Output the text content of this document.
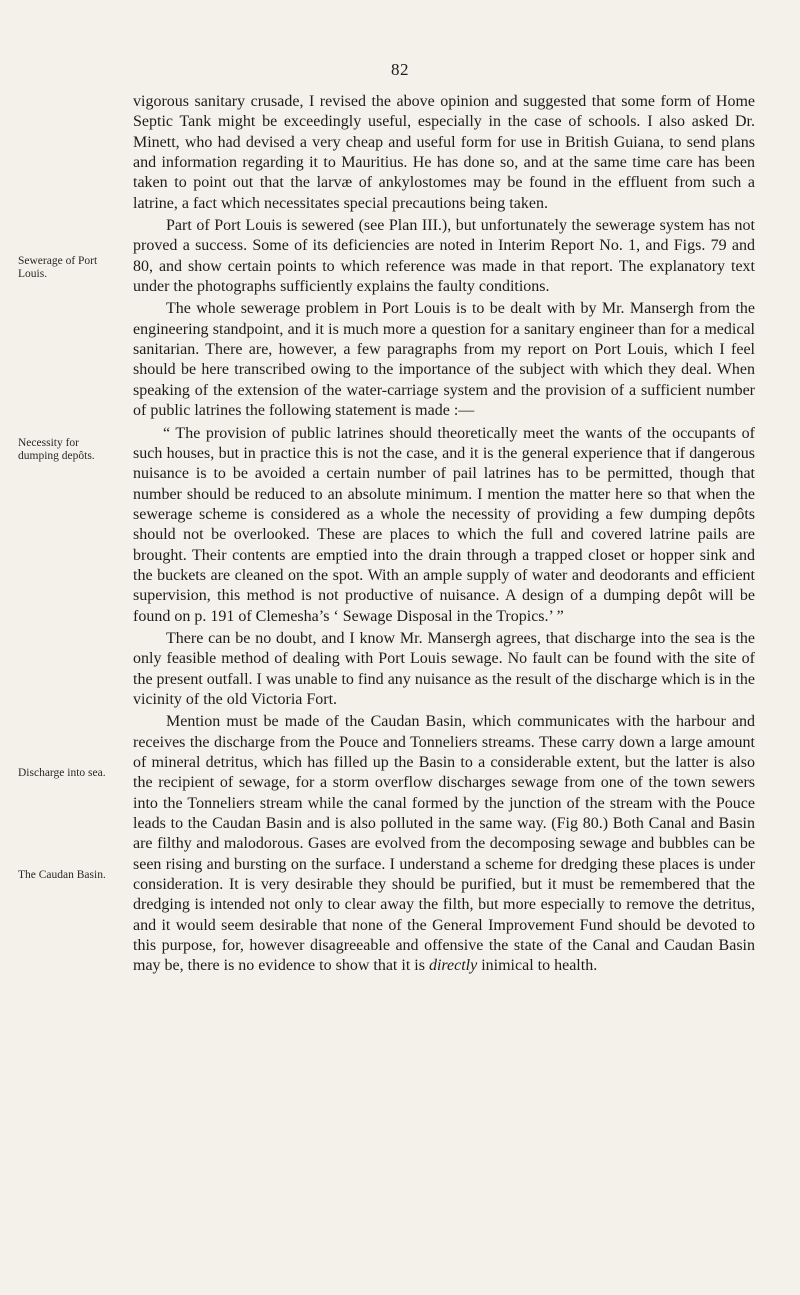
82
Sewerage of Port Louis.
Necessity for dumping depôts.
Discharge into sea.
The Caudan Basin.

vigorous sanitary crusade, I revised the above opinion and suggested that some form of Home Septic Tank might be exceedingly useful, especially in the case of schools. I also asked Dr. Minett, who had devised a very cheap and useful form for use in British Guiana, to send plans and information regarding it to Mauritius. He has done so, and at the same time care has been taken to point out that the larvæ of ankylostomes may be found in the effluent from such a latrine, a fact which necessitates special precautions being taken.

Part of Port Louis is sewered (see Plan III.), but unfortunately the sewerage system has not proved a success. Some of its deficiencies are noted in Interim Report No. 1, and Figs. 79 and 80, and show certain points to which reference was made in that report. The explanatory text under the photographs sufficiently explains the faulty conditions.

The whole sewerage problem in Port Louis is to be dealt with by Mr. Mansergh from the engineering standpoint, and it is much more a question for a sanitary engineer than for a medical sanitarian. There are, however, a few paragraphs from my report on Port Louis, which I feel should be here transcribed owing to the importance of the subject with which they deal. When speaking of the extension of the water-carriage system and the provision of a sufficient number of public latrines the following statement is made :—

“ The provision of public latrines should theoretically meet the wants of the occupants of such houses, but in practice this is not the case, and it is the general experience that if dangerous nuisance is to be avoided a certain number of pail latrines has to be permitted, though that number should be reduced to an absolute minimum. I mention the matter here so that when the sewerage scheme is considered as a whole the necessity of providing a few dumping depôts should not be overlooked. These are places to which the full and covered latrine pails are brought. Their contents are emptied into the drain through a trapped closet or hopper sink and the buckets are cleaned on the spot. With an ample supply of water and deodorants and efficient supervision, this method is not productive of nuisance. A design of a dumping depôt will be found on p. 191 of Clemesha’s ‘ Sewage Disposal in the Tropics.’ ”

There can be no doubt, and I know Mr. Mansergh agrees, that discharge into the sea is the only feasible method of dealing with Port Louis sewage. No fault can be found with the site of the present outfall. I was unable to find any nuisance as the result of the discharge which is in the vicinity of the old Victoria Fort.

Mention must be made of the Caudan Basin, which communicates with the harbour and receives the discharge from the Pouce and Tonneliers streams. These carry down a large amount of mineral detritus, which has filled up the Basin to a considerable extent, but the latter is also the recipient of sewage, for a storm overflow discharges sewage from one of the town sewers into the Tonneliers stream while the canal formed by the junction of the stream with the Pouce leads to the Caudan Basin and is also polluted in the same way. (Fig 80.) Both Canal and Basin are filthy and malodorous. Gases are evolved from the decomposing sewage and bubbles can be seen rising and bursting on the surface. I understand a scheme for dredging these places is under consideration. It is very desirable they should be purified, but it must be remembered that the dredging is intended not only to clear away the filth, but more especially to remove the detritus, and it would seem desirable that none of the General Improvement Fund should be devoted to this purpose, for, however disagreeable and offensive the state of the Canal and Caudan Basin may be, there is no evidence to show that it is directly inimical to health.
